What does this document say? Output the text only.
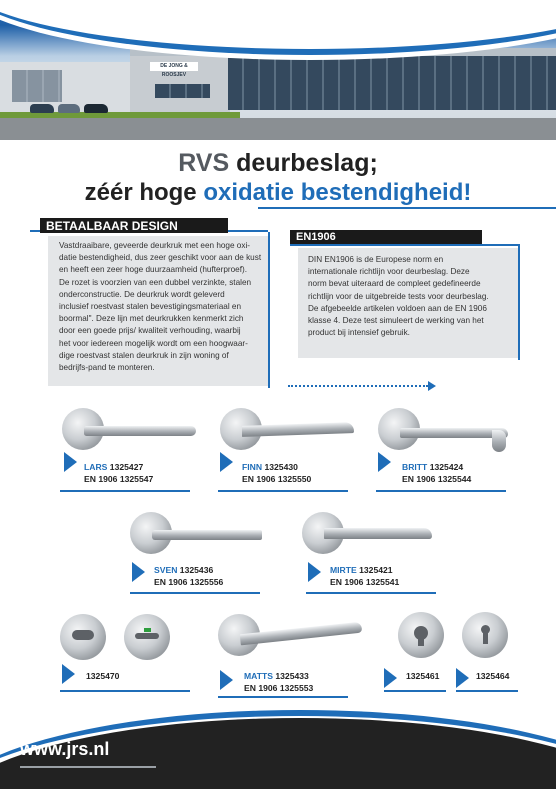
DE JONG & ROOSJEV
RVS deurbeslag;
zéér hoge oxidatie bestendigheid!
BETAALBAAR DESIGN
Vastdraaibare, geveerde deurkruk met een hoge oxi-
datie bestendigheid, dus zeer geschikt voor aan de kust
en heeft een zeer hoge duurzaamheid (hufterproef).
De rozet is voorzien van een dubbel verzinkte, stalen
onderconstructie. De deurkruk wordt geleverd
inclusief roestvast stalen bevestigingsmateriaal en
boormal". Deze lijn met deurkrukken kenmerkt zich
door een goede prijs/ kwaliteit verhouding, waarbij
het voor iedereen mogelijk wordt om een hoogwaar-
dige roestvast stalen deurkruk in zijn woning of
bedrijfs-pand te monteren.
EN1906
DIN EN1906 is de Europese norm en
internationale richtlijn voor deurbeslag. Deze
norm bevat uiteraard de compleet gedefineerde
richtlijn voor de uitgebreide tests voor deurbeslag.
De afgebeelde artikelen voldoen aan de EN 1906
klasse 4. Deze test simuleert de werking van het
product bij intensief gebruik.
LARS 1325427
EN 1906 1325547
FINN 1325430
EN 1906 1325550
BRITT 1325424
EN 1906 1325544
SVEN 1325436
EN 1906 1325556
MIRTE 1325421
EN 1906 1325541
1325470	MATTS 1325433
EN 1906 1325553
1325461	1325464
www.jrs.nl
